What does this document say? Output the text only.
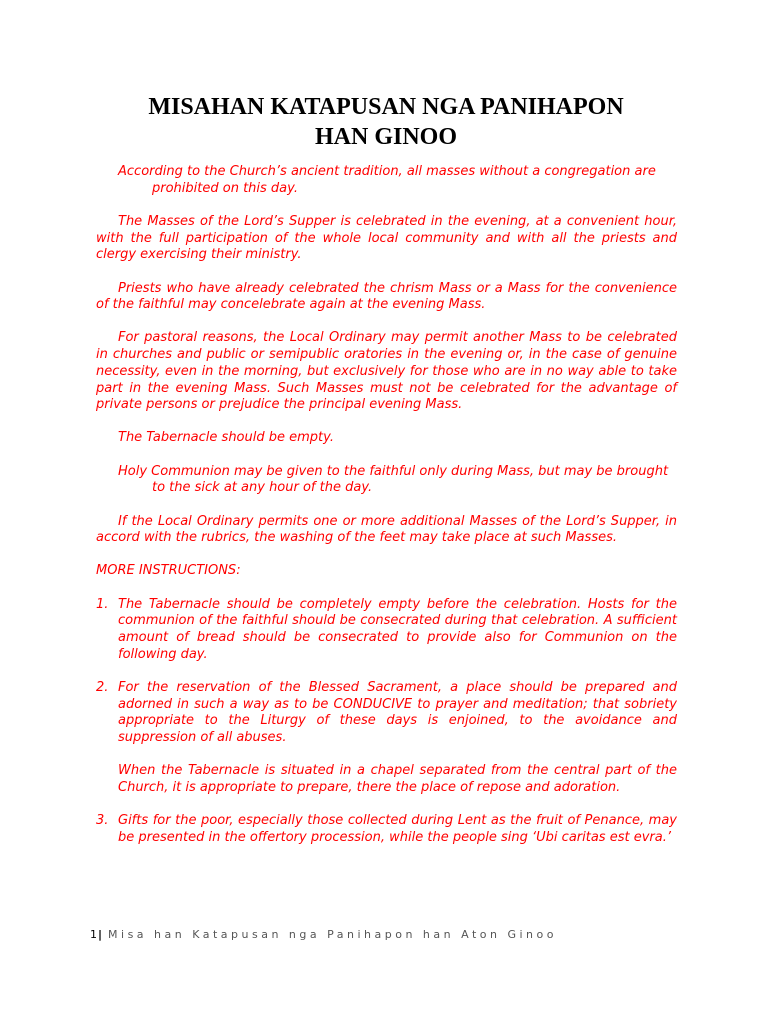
MISAHAN KATAPUSAN NGA PANIHAPON
HAN GINOO

According to the Church’s ancient tradition, all masses without a congregation are prohibited on this day.

The Masses of the Lord’s Supper is celebrated in the evening, at a convenient hour, with the full participation of the whole local community and with all the priests and clergy exercising their ministry.

Priests who have already celebrated the chrism Mass or a Mass for the convenience of the faithful may concelebrate again at the evening Mass.

For pastoral reasons, the Local Ordinary may permit another Mass to be celebrated in churches and public or semipublic oratories in the evening or, in the case of genuine necessity, even in the morning, but exclusively for those who are in no way able to take part in the evening Mass. Such Masses must not be celebrated for the advantage of private persons or prejudice the principal evening Mass.

The Tabernacle should be empty.

Holy Communion may be given to the faithful only during Mass, but may be brought to the sick at any hour of the day.

If the Local Ordinary permits one or more additional Masses of the Lord’s Supper, in accord with the rubrics, the washing of the feet may take place at such Masses.

MORE INSTRUCTIONS:

1. The Tabernacle should be completely empty before the celebration. Hosts for the communion of the faithful should be consecrated during that celebration. A sufficient amount of bread should be consecrated to provide also for Communion on the following day.
2. For the reservation of the Blessed Sacrament, a place should be prepared and adorned in such a way as to be CONDUCIVE to prayer and meditation; that sobriety appropriate to the Liturgy of these days is enjoined, to the avoidance and suppression of all abuses.

When the Tabernacle is situated in a chapel separated from the central part of the Church, it is appropriate to prepare, there the place of repose and adoration.

3. Gifts for the poor, especially those collected during Lent as the fruit of Penance, may be presented in the offertory procession, while the people sing ‘Ubi caritas est evra.’
1| Misa han Katapusan nga Panihapon han Aton Ginoo
